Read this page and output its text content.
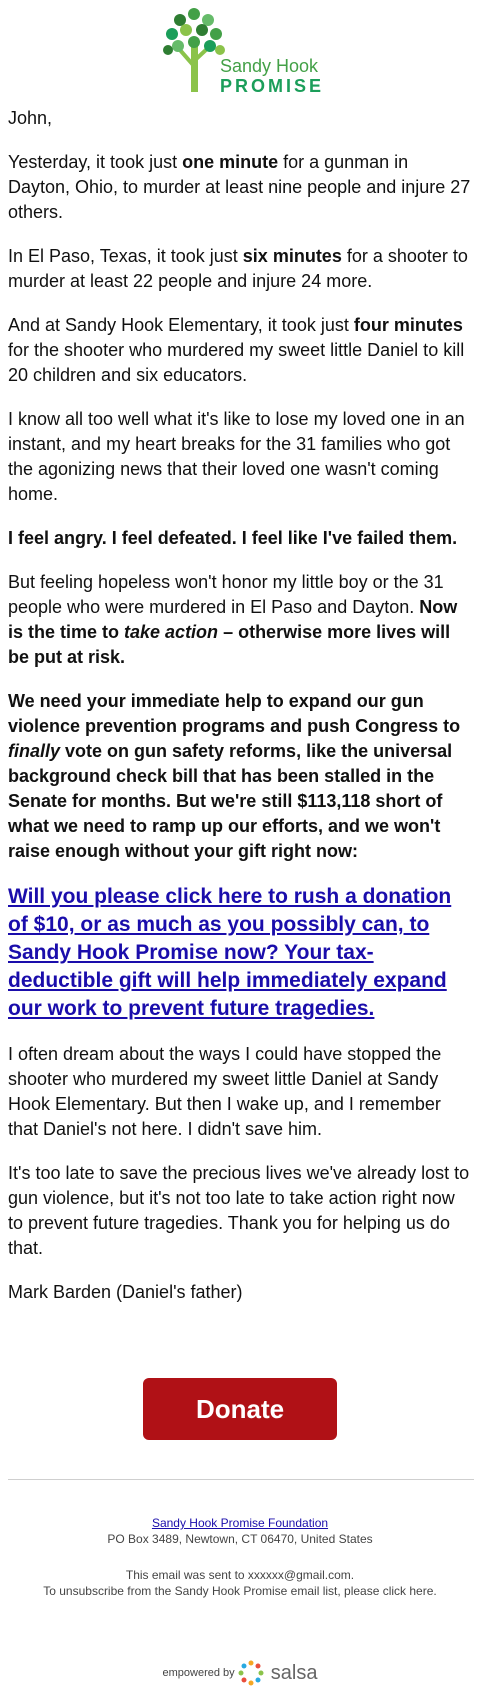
Sandy Hook
PROMISE

John,

Yesterday, it took just one minute for a gunman in Dayton, Ohio, to murder at least nine people and injure 27 others.

In El Paso, Texas, it took just six minutes for a shooter to murder at least 22 people and injure 24 more.

And at Sandy Hook Elementary, it took just four minutes for the shooter who murdered my sweet little Daniel to kill 20 children and six educators.

I know all too well what it's like to lose my loved one in an instant, and my heart breaks for the 31 families who got the agonizing news that their loved one wasn't coming home.

I feel angry. I feel defeated. I feel like I've failed them.

But feeling hopeless won't honor my little boy or the 31 people who were murdered in El Paso and Dayton. Now is the time to take action – otherwise more lives will be put at risk.

We need your immediate help to expand our gun violence prevention programs and push Congress to finally vote on gun safety reforms, like the universal background check bill that has been stalled in the Senate for months. But we're still $113,118 short of what we need to ramp up our efforts, and we won't raise enough without your gift right now:

Will you please click here to rush a donation of $10, or as much as you possibly can, to Sandy Hook Promise now? Your tax-deductible gift will help immediately expand our work to prevent future tragedies.

I often dream about the ways I could have stopped the shooter who murdered my sweet little Daniel at Sandy Hook Elementary. But then I wake up, and I remember that Daniel's not here. I didn't save him.

It's too late to save the precious lives we've already lost to gun violence, but it's not too late to take action right now to prevent future tragedies. Thank you for helping us do that.

Mark Barden (Daniel's father)

Donate
Sandy Hook Promise Foundation
PO Box 3489, Newtown, CT 06470, United States
This email was sent to xxxxxx@gmail.com.
To unsubscribe from the Sandy Hook Promise email list, please click here.
empowered by salsa
